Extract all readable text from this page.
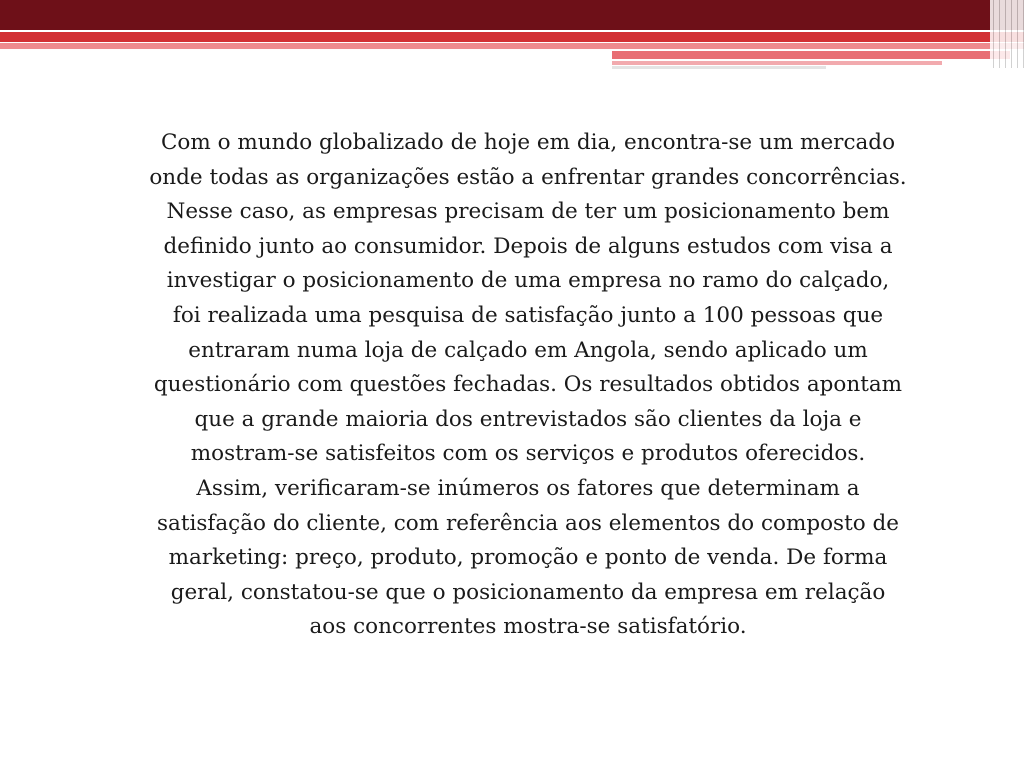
Com o mundo globalizado de hoje em dia, encontra-se um mercado
onde todas as organizações estão a enfrentar grandes concorrências.
Nesse caso, as empresas precisam de ter um posicionamento bem
definido junto ao consumidor. Depois de alguns estudos com visa a
investigar o posicionamento de uma empresa no ramo do calçado,
foi realizada uma pesquisa de satisfação junto a 100 pessoas que
entraram numa loja de calçado em Angola, sendo aplicado um
questionário com questões fechadas. Os resultados obtidos apontam
que a grande maioria dos entrevistados são clientes da loja e
mostram-se satisfeitos com os serviços e produtos oferecidos.
Assim, verificaram-se inúmeros os fatores que determinam a
satisfação do cliente, com referência aos elementos do composto de
marketing: preço, produto, promoção e ponto de venda. De forma
geral, constatou-se que o posicionamento da empresa em relação
aos concorrentes mostra-se satisfatório.
